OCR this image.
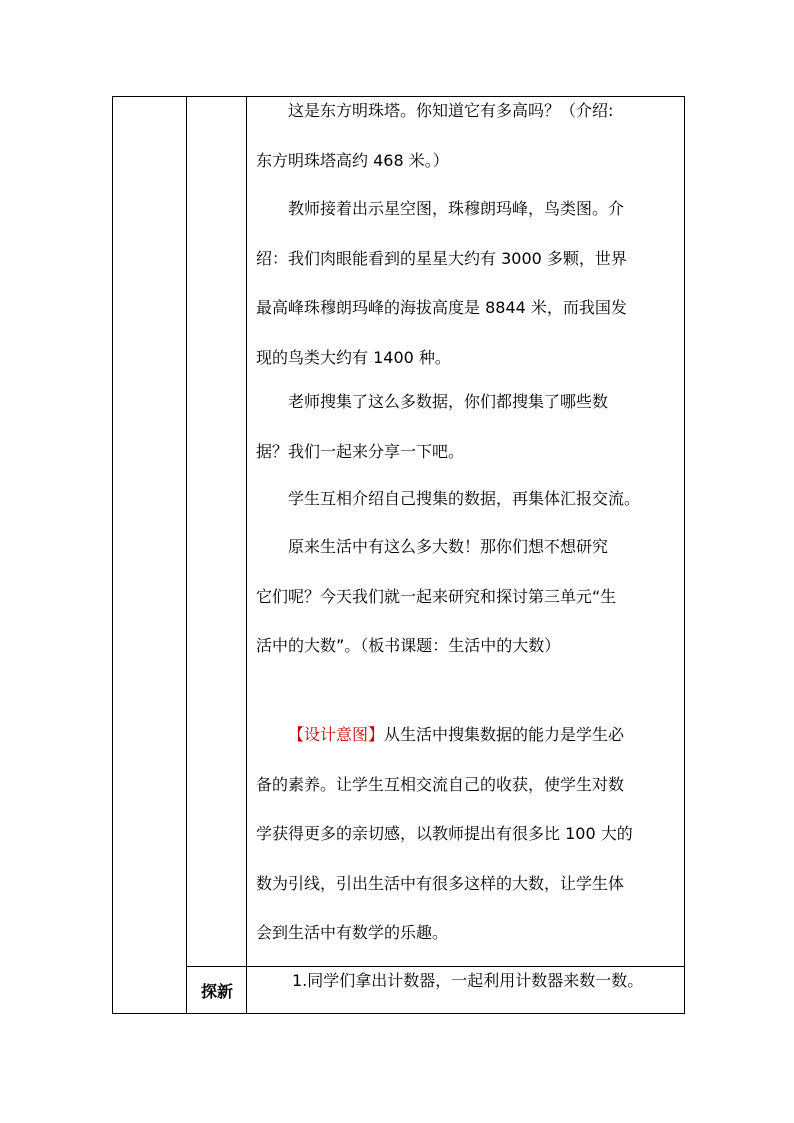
这是东方明珠塔。你知道它有多高吗？（介绍:
东方明珠塔高约 468 米。）
教师接着出示星空图，珠穆朗玛峰，鸟类图。介
绍：我们肉眼能看到的星星大约有 3000 多颗，世界
最高峰珠穆朗玛峰的海拔高度是 8844 米，而我国发
现的鸟类大约有 1400 种。
老师搜集了这么多数据，你们都搜集了哪些数
据？我们一起来分享一下吧。
学生互相介绍自己搜集的数据，再集体汇报交流。
原来生活中有这么多大数！那你们想不想研究
它们呢？今天我们就一起来研究和探讨第三单元“生
活中的大数”。（板书课题：生活中的大数）
【设计意图】从生活中搜集数据的能力是学生必
备的素养。让学生互相交流自己的收获，使学生对数
学获得更多的亲切感，以教师提出有很多比 100 大的
数为引线，引出生活中有很多这样的大数，让学生体
会到生活中有数学的乐趣。
探新
1.同学们拿出计数器，一起利用计数器来数一数。
